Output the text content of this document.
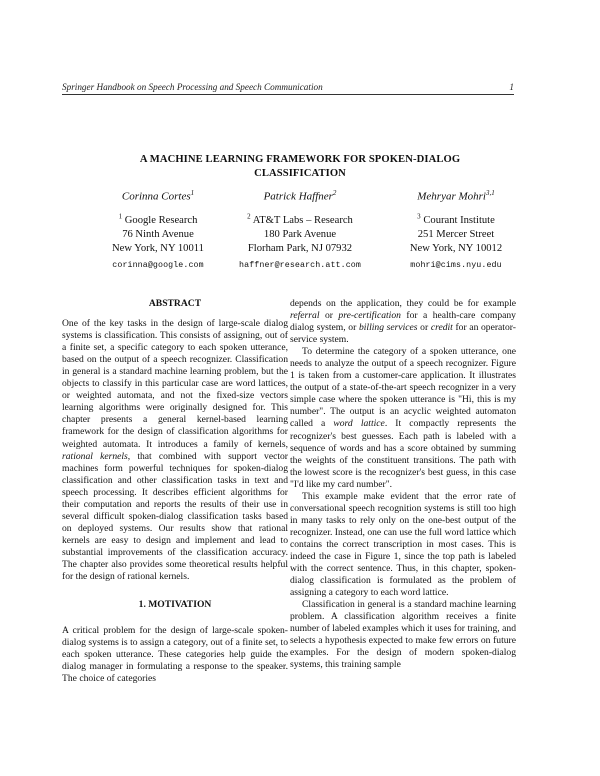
Springer Handbook on Speech Processing and Speech Communication	1
A MACHINE LEARNING FRAMEWORK FOR SPOKEN-DIALOG
CLASSIFICATION
Corinna Cortes$^1$
$^1$ Google Research
76 Ninth Avenue
New York, NY 10011
corinna@google.com
Patrick Haffner$^2$
$^2$ AT&T Labs – Research
180 Park Avenue
Florham Park, NJ 07932
haffner@research.att.com
Mehryar Mohri$^{3,1}$
$^3$ Courant Institute
251 Mercer Street
New York, NY 10012
mohri@cims.nyu.edu
ABSTRACT

One of the key tasks in the design of large-scale dialog systems is classification. This consists of assigning, out of a finite set, a specific category to each spoken utterance, based on the output of a speech recognizer. Classification in general is a standard machine learning problem, but the objects to classify in this particular case are word lattices, or weighted automata, and not the fixed-size vectors learning algorithms were originally designed for. This chapter presents a general kernel-based learning framework for the design of classification algorithms for weighted automata. It introduces a family of kernels, rational kernels, that combined with support vector machines form powerful techniques for spoken-dialog classification and other classification tasks in text and speech processing. It describes efficient algorithms for their computation and reports the results of their use in several difficult spoken-dialog classification tasks based on deployed systems. Our results show that rational kernels are easy to design and implement and lead to substantial improvements of the classification accuracy. The chapter also provides some theoretical results helpful for the design of rational kernels.

1. MOTIVATION

A critical problem for the design of large-scale spoken-dialog systems is to assign a category, out of a finite set, to each spoken utterance. These categories help guide the dialog manager in formulating a response to the speaker. The choice of categories

depends on the application, they could be for example referral or pre-certification for a health-care company dialog system, or billing services or credit for an operator-service system.

To determine the category of a spoken utterance, one needs to analyze the output of a speech recognizer. Figure 1 is taken from a customer-care application. It illustrates the output of a state-of-the-art speech recognizer in a very simple case where the spoken utterance is "Hi, this is my number". The output is an acyclic weighted automaton called a word lattice. It compactly represents the recognizer's best guesses. Each path is labeled with a sequence of words and has a score obtained by summing the weights of the constituent transitions. The path with the lowest score is the recognizer's best guess, in this case "I'd like my card number".

This example make evident that the error rate of conversational speech recognition systems is still too high in many tasks to rely only on the one-best output of the recognizer. Instead, one can use the full word lattice which contains the correct transcription in most cases. This is indeed the case in Figure 1, since the top path is labeled with the correct sentence. Thus, in this chapter, spoken-dialog classification is formulated as the problem of assigning a category to each word lattice.

Classification in general is a standard machine learning problem. A classification algorithm receives a finite number of labeled examples which it uses for training, and selects a hypothesis expected to make few errors on future examples. For the design of modern spoken-dialog systems, this training sample
